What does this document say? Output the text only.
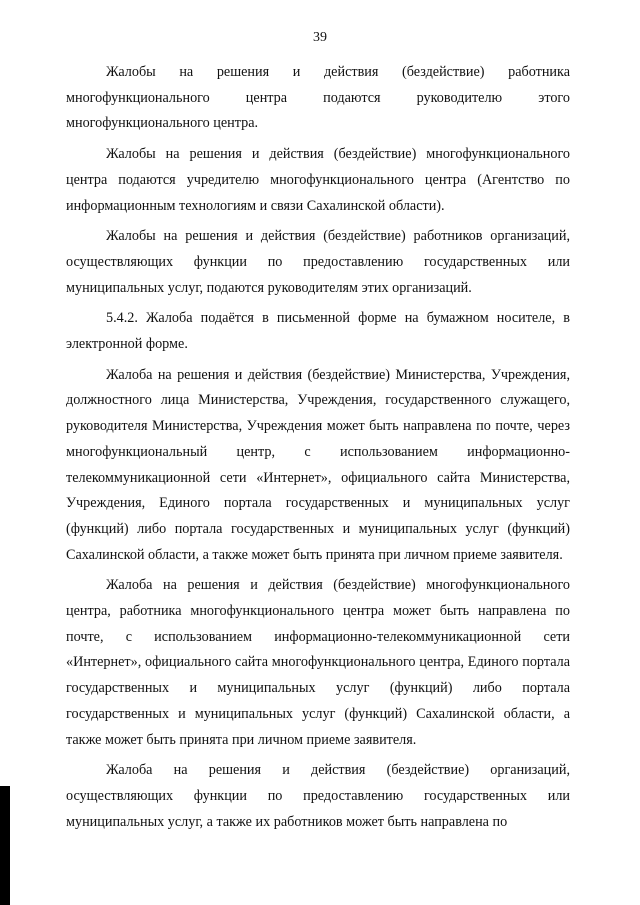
39

Жалобы на решения и действия (бездействие) работника многофункционального центра подаются руководителю этого многофункционального центра.

Жалобы на решения и действия (бездействие) многофункционального центра подаются учредителю многофункционального центра (Агентство по информационным технологиям и связи Сахалинской области).

Жалобы на решения и действия (бездействие) работников организаций, осуществляющих функции по предоставлению государственных или муниципальных услуг, подаются руководителям этих организаций.

5.4.2. Жалоба подаётся в письменной форме на бумажном носителе, в электронной форме.

Жалоба на решения и действия (бездействие) Министерства, Учреждения, должностного лица Министерства, Учреждения, государственного служащего, руководителя Министерства, Учреждения может быть направлена по почте, через многофункциональный центр, с использованием информационно-телекоммуникационной сети «Интернет», официального сайта Министерства, Учреждения, Единого портала государственных и муниципальных услуг (функций) либо портала государственных и муниципальных услуг (функций) Сахалинской области, а также может быть принята при личном приеме заявителя.

Жалоба на решения и действия (бездействие) многофункционального центра, работника многофункционального центра может быть направлена по почте, с использованием информационно-телекоммуникационной сети «Интернет», официального сайта многофункционального центра, Единого портала государственных и муниципальных услуг (функций) либо портала государственных и муниципальных услуг (функций) Сахалинской области, а также может быть принята при личном приеме заявителя.

Жалоба на решения и действия (бездействие) организаций, осуществляющих функции по предоставлению государственных или муниципальных услуг, а также их работников может быть направлена по
